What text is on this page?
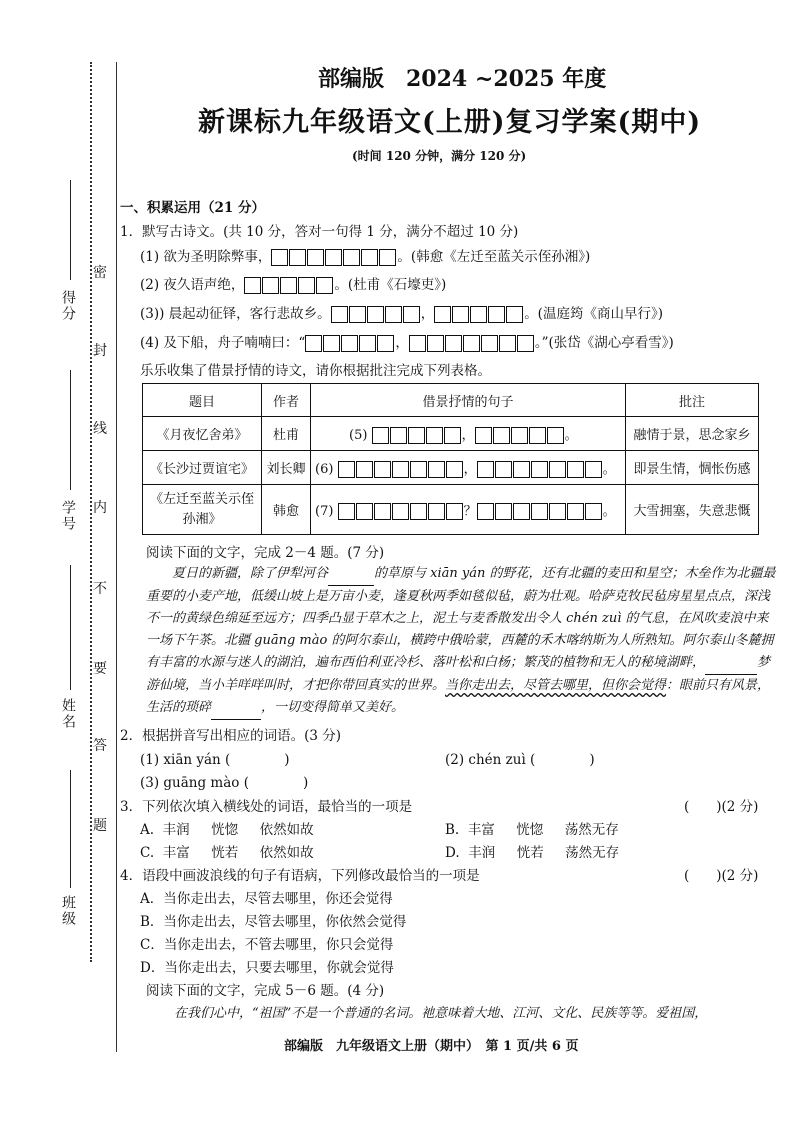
得分
学号
姓名
班级
密
封
线
内
不
要
答
题
部编版　2024 ~2025 年度
新课标九年级语文(上册)复习学案(期中)
(时间 120 分钟，满分 120 分)
一、积累运用（21 分）
1．默写古诗文。(共 10 分，答对一句得 1 分，满分不超过 10 分)
(1) 欲为圣明除弊事，	。(韩愈《左迁至蓝关示侄孙湘》)
(2) 夜久语声绝，	。(杜甫《石壕吏》)
(3)) 晨起动征铎，客行悲故乡。	，	。(温庭筠《商山早行》)
(4) 及下船，舟子喃喃曰：“	，	。”(张岱《湖心亭看雪》)
乐乐收集了借景抒情的诗文，请你根据批注完成下列表格。
题目	作者	借景抒情的句子	批注
《月夜忆舍弟》	杜甫	(5) ， 。	融情于景，思念家乡
《长沙过贾谊宅》	刘长卿	(6) ， 。	即景生情，惆怅伤感
《左迁至蓝关示侄孙湘》	韩愈	(7) ？ 。	大雪拥塞，失意悲慨
阅读下面的文字，完成 2－4 题。(7 分)
夏日的新疆，除了伊犁河谷	的草原与 xiān yán 的野花，还有北疆的麦田和星空；木垒作为北疆最重要的小麦产地，低缓山坡上是万亩小麦，逢夏秋两季如毯似毡，蔚为壮观。哈萨克牧民毡房星星点点，深浅不一的黄绿色绵延至远方；四季凸显于草木之上，泥土与麦香散发出令人 chén zuì 的气息，在风吹麦浪中来一场下午茶。北疆 guāng mào 的阿尔泰山，横跨中俄哈蒙，西麓的禾木喀纳斯为人所熟知。阿尔泰山冬麓拥有丰富的水源与迷人的湖泊，遍布西伯利亚冷杉、落叶松和白杨；繁茂的植物和无人的秘境湖畔，	梦游仙境，当小羊咩咩叫时，才把你带回真实的世界。当你走出去，尽管去哪里，但你会觉得：眼前只有风景，生活的琐碎	，一切变得简单又美好。
2．根据拼音写出相应的词语。(3 分)
(1) xiān yán (　　　　)	(2) chén zuì (　　　　)
(3) guāng mào (　　　　)
3．下列依次填入横线处的词语，最恰当的一项是	(　　)(2 分)
A. 丰润 恍惚 依然如故	B. 丰富 恍惚 荡然无存
C. 丰富 恍若 依然如故	D. 丰润 恍若 荡然无存
4．语段中画波浪线的句子有语病，下列修改最恰当的一项是	(　　)(2 分)
A．当你走出去，尽管去哪里，你还会觉得
B．当你走出去，尽管去哪里，你依然会觉得
C．当你走出去，不管去哪里，你只会觉得
D．当你走出去，只要去哪里，你就会觉得
阅读下面的文字，完成 5－6 题。(4 分)
在我们心中，“祖国”不是一个普通的名词。祂意味着大地、江河、文化、民族等等。爱祖国，
部编版　九年级语文上册（期中）　第 1 页/共 6 页
